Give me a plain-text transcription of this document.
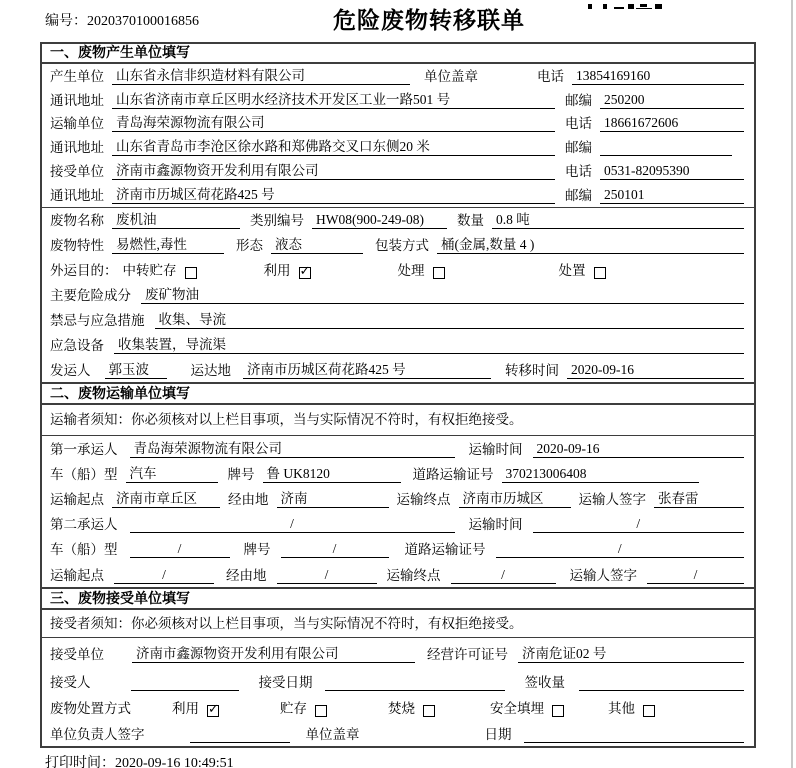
编号：2020370100016856	危险废物转移联单
一、废物产生单位填写
产生单位 山东省永信非织造材料有限公司	单位盖章	电话 13854169160
通讯地址 山东省济南市章丘区明水经济技术开发区工业一路501 号	邮编 250200
运输单位 青岛海荣源物流有限公司	电话 18661672606
通讯地址 山东省青岛市李沧区徐水路和郑佛路交叉口东侧20 米	邮编
接受单位 济南市鑫源物资开发利用有限公司	电话 0531-82095390
通讯地址 济南市历城区荷花路425 号	邮编 250101
废物名称 废机油	类别编号 HW08(900-249-08)	数量 0.8 吨
废物特性 易燃性,毒性	形态 液态	包装方式 桶(金属,数量 4 )
外运目的： 中转贮存	利用 ✓	处理	处置
主要危险成分 废矿物油
禁忌与应急措施 收集、导流
应急设备 收集装置，导流渠
发运人 郭玉波	运达地 济南市历城区荷花路425 号	转移时间 2020-09-16
二、废物运输单位填写
运输者须知：你必须核对以上栏目事项，当与实际情况不符时，有权拒绝接受。
第一承运人 青岛海荣源物流有限公司	运输时间 2020-09-16
车（船）型 汽车	牌号 鲁 UK8120	道路运输证号 370213006408
运输起点 济南市章丘区	经由地 济南	运输终点 济南市历城区	运输人签字 张春雷
第二承运人	/	运输时间	/
车（船）型	/	牌号	/	道路运输证号	/
运输起点	/	经由地	/	运输终点	/	运输人签字	/
三、废物接受单位填写
接受者须知：你必须核对以上栏目事项，当与实际情况不符时，有权拒绝接受。
接受单位 济南市鑫源物资开发利用有限公司	经营许可证号 济南危证02 号
接受人	接受日期	签收量
废物处置方式	利用 ✓	贮存	焚烧	安全填埋	其他
单位负责人签字	单位盖章	日期
打印时间：2020-09-16 10:49:51
